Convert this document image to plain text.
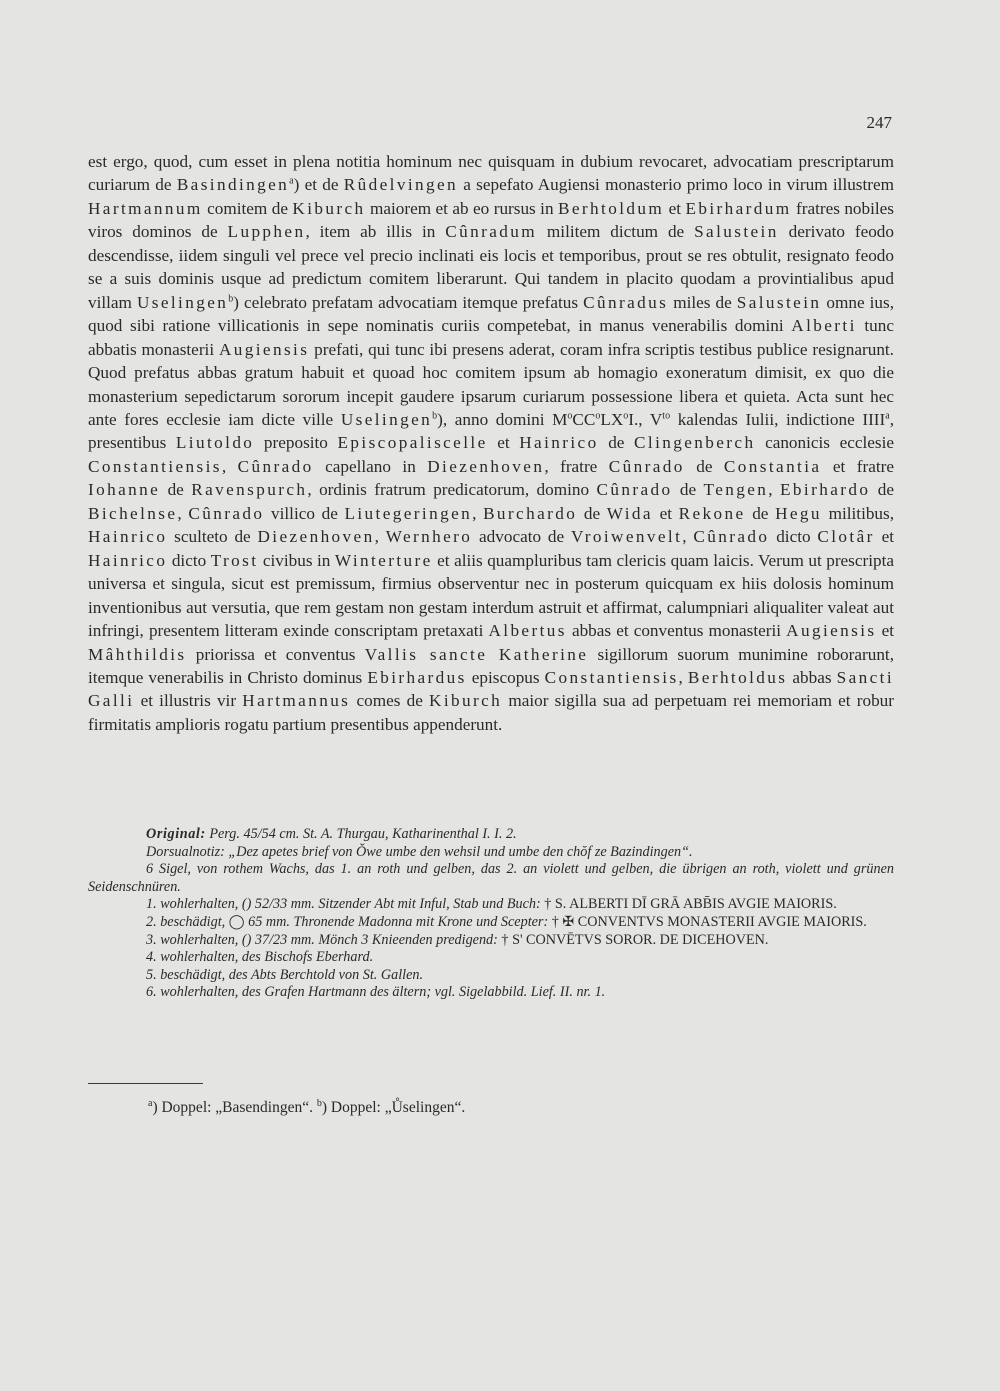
247

est ergo, quod, cum esset in plena notitia hominum nec quisquam in dubium revocaret, advocatiam prescriptarum curiarum de Basindingen$^a$) et de Rûdelvingen a sepefato Augiensi monasterio primo loco in virum illustrem Hartmannum comitem de Kiburch maiorem et ab eo rursus in Berhtoldum et Ebirhardum fratres nobiles viros dominos de Lupphen, item ab illis in Cûnradum militem dictum de Salustein derivato feodo descendisse, iidem singuli vel prece vel precio inclinati eis locis et temporibus, prout se res obtulit, resignato feodo se a suis dominis usque ad predictum comitem liberarunt. Qui tandem in placito quodam a provintialibus apud villam Uselingen$^b$) celebrato prefatam advocatiam itemque prefatus Cûnradus miles de Salustein omne ius, quod sibi ratione villicationis in sepe nominatis curiis competebat, in manus venerabilis domini Alberti tunc abbatis monasterii Augiensis prefati, qui tunc ibi presens aderat, coram infra scriptis testibus publice resignarunt. Quod prefatus abbas gratum habuit et quoad hoc comitem ipsum ab homagio exoneratum dimisit, ex quo die monasterium sepedictarum sororum incepit gaudere ipsarum curiarum possessione libera et quieta. Acta sunt hec ante fores ecclesie iam dicte ville Uselingen$^b$), anno domini $M^oCC^oLX^oI$., $V^{to}$ kalendas Iulii, indictione IIII$^a$, presentibus Liutoldo preposito Episcopaliscelle et Hainrico de Clingenberch canonicis ecclesie Constantiensis, Cûnrado capellano in Diezenhoven, fratre Cûnrado de Constantia et fratre Iohanne de Ravenspurch, ordinis fratrum predicatorum, domino Cûnrado de Tengen, Ebirhardo de Bichelnse, Cûnrado villico de Liutegeringen, Burchardo de Wida et Rekone de Hegu militibus, Hainrico sculteto de Diezenhoven, Wernhero advocato de Vroiwenvelt, Cûnrado dicto Clotâr et Hainrico dicto Trost civibus in Winterture et aliis quampluribus tam clericis quam laicis. Verum ut prescripta universa et singula, sicut est premissum, firmius observentur nec in posterum quicquam ex hiis dolosis hominum inventionibus aut versutia, que rem gestam non gestam interdum astruit et affirmat, calumpniari aliqualiter valeat aut infringi, presentem litteram exinde conscriptam pretaxati Albertus abbas et conventus monasterii Augiensis et Mâhthildis priorissa et conventus Vallis sancte Katherine sigillorum suorum munimine roborarunt, itemque venerabilis in Christo dominus Ebirhardus episcopus Constantiensis, Berhtoldus abbas Sancti Galli et illustris vir Hartmannus comes de Kiburch maior sigilla sua ad perpetuam rei memoriam et robur firmitatis amplioris rogatu partium presentibus appenderunt.

Original: Perg. 45/54 cm. St. A. Thurgau, Katharinenthal I. I. 2.

Dorsualnotiz: „Dez apetes brief von Ŏwe umbe den wehsil und umbe den chŏf ze Bazindingen“.

6 Sigel, von rothem Wachs, das 1. an roth und gelben, das 2. an violett und gelben, die übrigen an roth, violett und grünen Seidenschnüren.

1. wohlerhalten, () 52/33 mm. Sitzender Abt mit Inful, Stab und Buch: † S. ALBERTI DĪ GRĀ ABB̄IS AVGIE MAIORIS.

2. beschädigt, ◯ 65 mm. Thronende Madonna mit Krone und Scepter: † ✠ CONVENTVS MONASTERII AVGIE MAIORIS.

3. wohlerhalten, () 37/23 mm. Mönch 3 Knieenden predigend: † S' CONVĒTVS SOROR. DE DICEHOVEN.

4. wohlerhalten, des Bischofs Eberhard.

5. beschädigt, des Abts Berchtold von St. Gallen.

6. wohlerhalten, des Grafen Hartmann des ältern; vgl. Sigelabbild. Lief. II. nr. 1.

$^a$) Doppel: „Basendingen“. $^b$) Doppel: „Ůselingen“.
